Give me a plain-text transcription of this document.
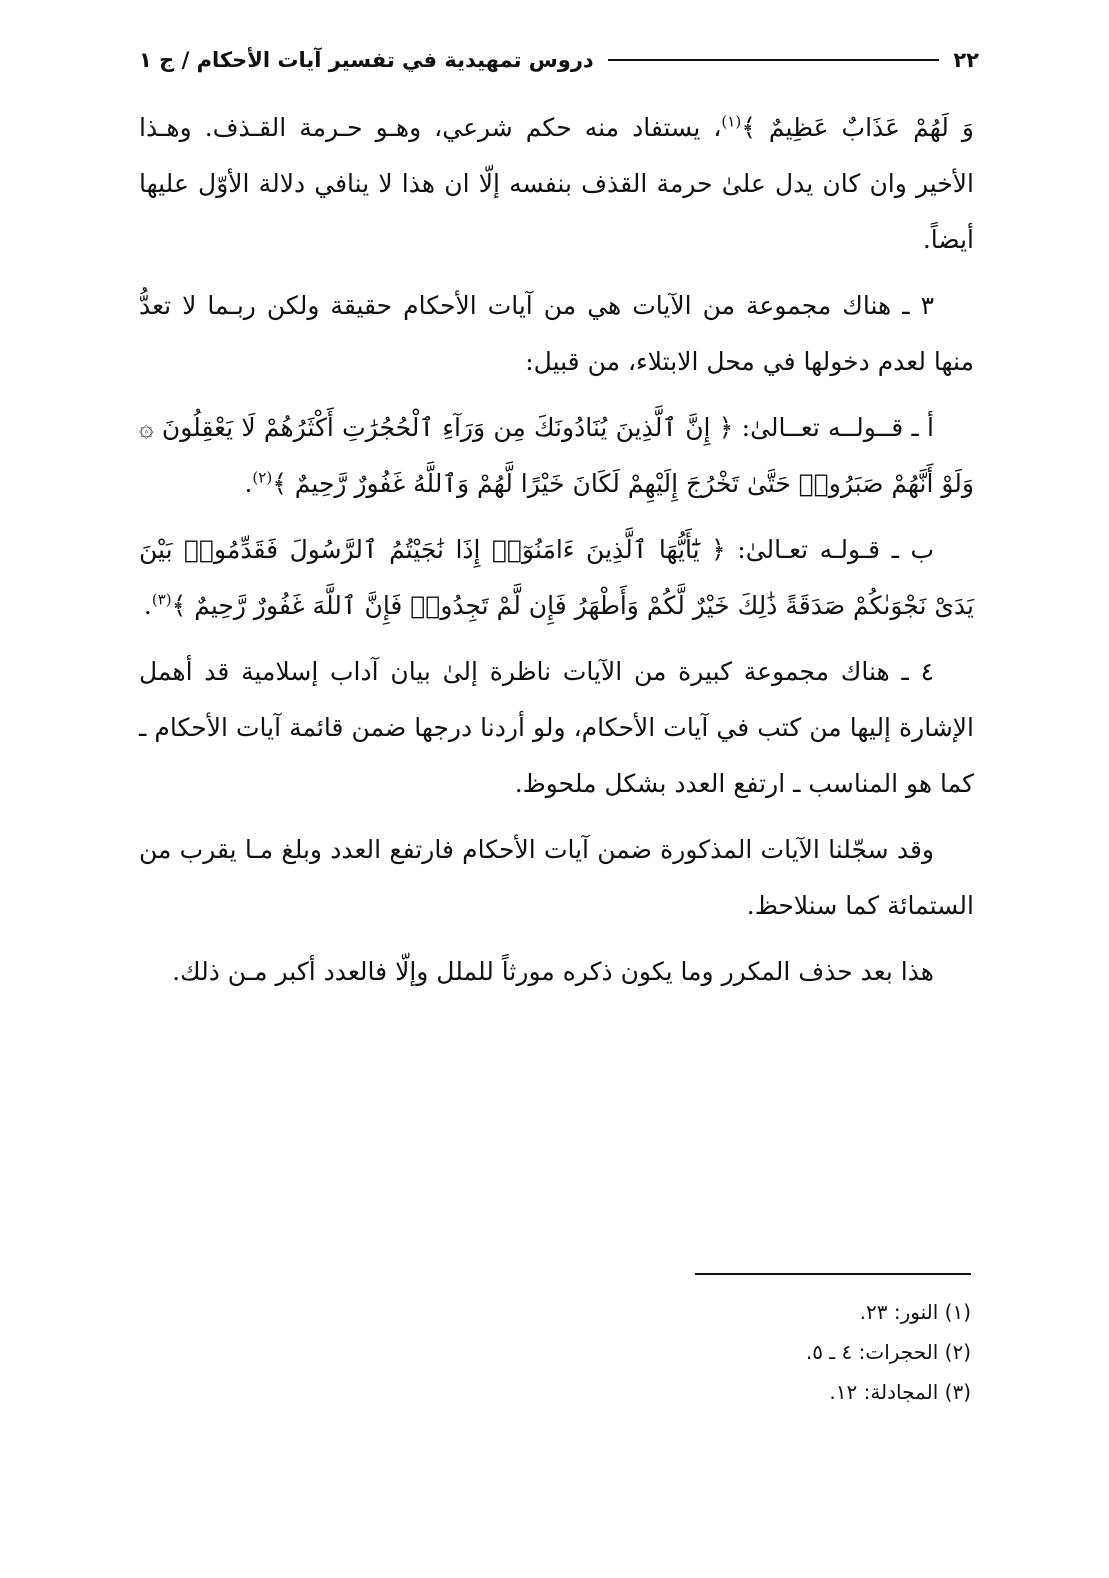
٢٢
دروس تمهيدية في تفسير آيات الأحكام / ج ١

وَ لَهُمْ عَذَابٌ عَظِيمٌ ﴾$^{(١)}$، يستفاد منه حكم شرعي، وهـو حـرمة القـذف. وهـذا الأخير وان كان يدل علىٰ حرمة القذف بنفسه إلّا ان هذا لا ينافي دلالة الأوّل عليها أيضاً.

٣ ـ هناك مجموعة من الآيات هي من آيات الأحكام حقيقة ولكن ربـما لا تعدُّ منها لعدم دخولها في محل الابتلاء، من قبيل:

أ ـ قــولــه تعــالىٰ: ﴿ إِنَّ ٱلَّذِينَ يُنَادُونَكَ مِن وَرَآءِ ٱلْحُجُرَٰتِ أَكْثَرُهُمْ لَا يَعْقِلُونَ ۞ وَلَوْ أَنَّهُمْ صَبَرُوا۟ حَتَّىٰ تَخْرُجَ إِلَيْهِمْ لَكَانَ خَيْرًا لَّهُمْ وَٱللَّهُ غَفُورٌ رَّحِيمٌ ﴾$^{(٢)}$.

ب ـ قـولـه تعـالىٰ: ﴿ يَٰٓأَيُّهَا ٱلَّذِينَ ءَامَنُوٓا۟ إِذَا نَٰجَيْتُمُ ٱلرَّسُولَ فَقَدِّمُوا۟ بَيْنَ يَدَىْ نَجْوَىٰكُمْ صَدَقَةً ذَٰلِكَ خَيْرٌ لَّكُمْ وَأَطْهَرُ فَإِن لَّمْ تَجِدُوا۟ فَإِنَّ ٱللَّهَ غَفُورٌ رَّحِيمٌ ﴾$^{(٣)}$.

٤ ـ هناك مجموعة كبيرة من الآيات ناظرة إلىٰ بيان آداب إسلامية قد أهمل الإشارة إليها من كتب في آيات الأحكام، ولو أردنا درجها ضمن قائمة آيات الأحكام ـ كما هو المناسب ـ ارتفع العدد بشكل ملحوظ.

وقد سجّلنا الآيات المذكورة ضمن آيات الأحكام فارتفع العدد وبلغ مـا يقرب من الستمائة كما سنلاحظ.

هذا بعد حذف المكرر وما يكون ذكره مورثاً للملل وإلّا فالعدد أكبر مـن ذلك.

(١) النور: ٢٣.
(٢) الحجرات: ٤ ـ ٥.
(٣) المجادلة: ١٢.
